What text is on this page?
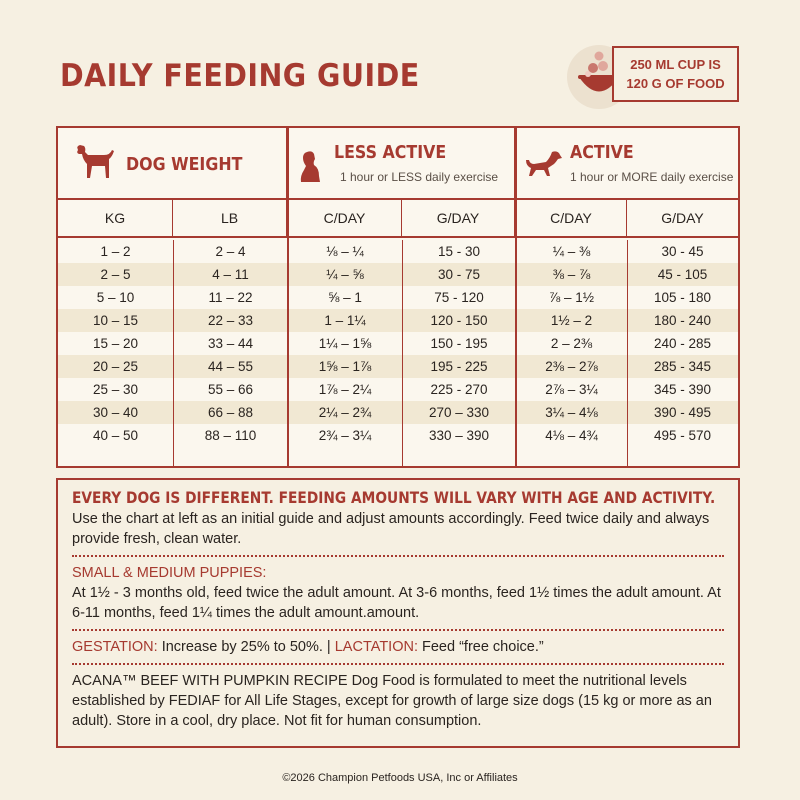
DAILY FEEDING GUIDE	250 ML CUP IS
120 G OF FOOD
DOG WEIGHT
LESS ACTIVE
1 hour or LESS daily exercise
ACTIVE
1 hour or MORE daily exercise
KG	LB	C/DAY	G/DAY	C/DAY	G/DAY
1 – 2	2 – 4	⅛ – ¼	15 - 30	¼ – ⅜	30 - 45
2 – 5	4 – 11	¼ – ⅝	30 - 75	⅜ – ⅞	45 - 105
5 – 10	11 – 22	⅝ – 1	75 - 120	⅞ – 1½	105 - 180
10 – 15	22 – 33	1 – 1¼	120 - 150	1½ – 2	180 - 240
15 – 20	33 – 44	1¼ – 1⅝	150 - 195	2 – 2⅜	240 - 285
20 – 25	44 – 55	1⅝ – 1⅞	195 - 225	2⅜ – 2⅞	285 - 345
25 – 30	55 – 66	1⅞ – 2¼	225 - 270	2⅞ – 3¼	345 - 390
30 – 40	66 – 88	2¼ – 2¾	270 – 330	3¼ – 4⅛	390 - 495
40 – 50	88 – 110	2¾ – 3¼	330 – 390	4⅛ – 4¾	495 - 570
EVERY DOG IS DIFFERENT. FEEDING AMOUNTS WILL VARY WITH AGE AND ACTIVITY.
Use the chart at left as an initial guide and adjust amounts accordingly. Feed twice daily and always provide fresh, clean water.
SMALL & MEDIUM PUPPIES:
At 1½ - 3 months old, feed twice the adult amount. At 3-6 months, feed 1½ times the adult amount. At 6-11 months, feed 1¼ times the adult amount.amount.
GESTATION: Increase by 25% to 50%. | LACTATION: Feed “free choice.”
ACANA™ BEEF WITH PUMPKIN RECIPE Dog Food is formulated to meet the nutritional levels established by FEDIAF for All Life Stages, except for growth of large size dogs (15 kg or more as an adult). Store in a cool, dry place. Not fit for human consumption.
©2026 Champion Petfoods USA, Inc or Affiliates
